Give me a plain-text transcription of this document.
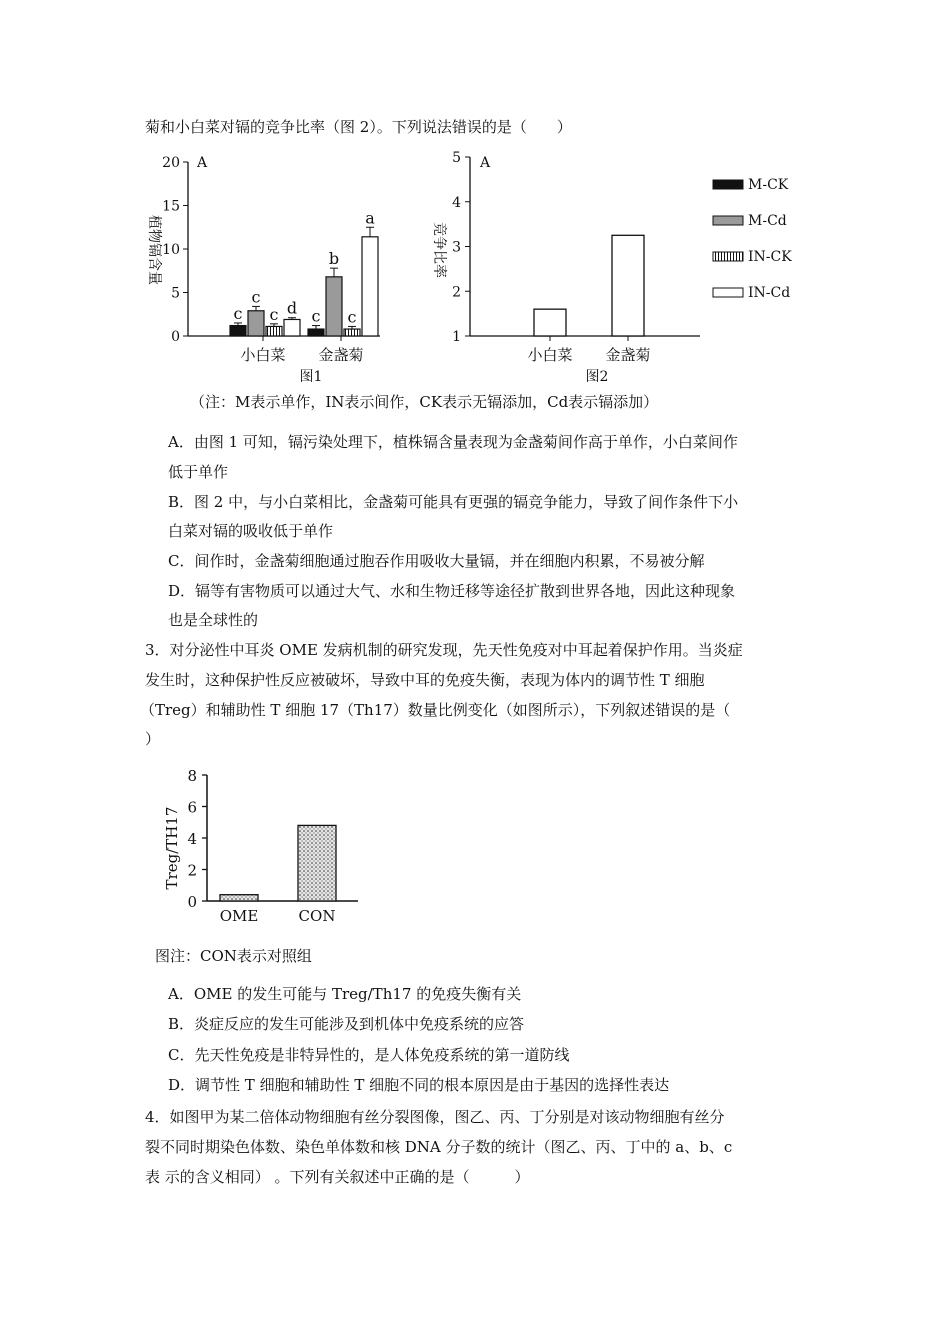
菊和小白菜对镉的竞争比率（图 2）。下列说法错误的是（　　）
A
植物镉含量
0
5
10
15
20
小白菜 金盏菊
c	c
c
b
c	c
d
a
图1
A
竞争比率
1
2
3
4
5
小白菜 金盏菊
图2
M-CK
M-Cd
IN-CK
IN-Cd
（注：M表示单作，IN表示间作，CK表示无镉添加，Cd表示镉添加）
A．由图 1 可知，镉污染处理下，植株镉含量表现为金盏菊间作高于单作，小白菜间作
低于单作
B．图 2 中，与小白菜相比，金盏菊可能具有更强的镉竞争能力，导致了间作条件下小
白菜对镉的吸收低于单作
C．间作时，金盏菊细胞通过胞吞作用吸收大量镉，并在细胞内积累，不易被分解
D．镉等有害物质可以通过大气、水和生物迁移等途径扩散到世界各地，因此这种现象
也是全球性的
3．对分泌性中耳炎 OME 发病机制的研究发现，先天性免疫对中耳起着保护作用。当炎症
发生时，这种保护性反应被破坏，导致中耳的免疫失衡，表现为体内的调节性 T 细胞
（Treg）和辅助性 T 细胞 17（Th17）数量比例变化（如图所示），下列叙述错误的是（
）
Treg/TH17
0
2
4
6
8
OME	CON
图注：CON表示对照组
A．OME 的发生可能与 Treg/Th17 的免疫失衡有关
B．炎症反应的发生可能涉及到机体中免疫系统的应答
C．先天性免疫是非特异性的，是人体免疫系统的第一道防线
D．调节性 T 细胞和辅助性 T 细胞不同的根本原因是由于基因的选择性表达
4．如图甲为某二倍体动物细胞有丝分裂图像，图乙、丙、丁分别是对该动物细胞有丝分
裂不同时期染色体数、染色单体数和核 DNA 分子数的统计（图乙、丙、丁中的 a、b、c
表 示的含义相同） 。下列有关叙述中正确的是（　　　）
